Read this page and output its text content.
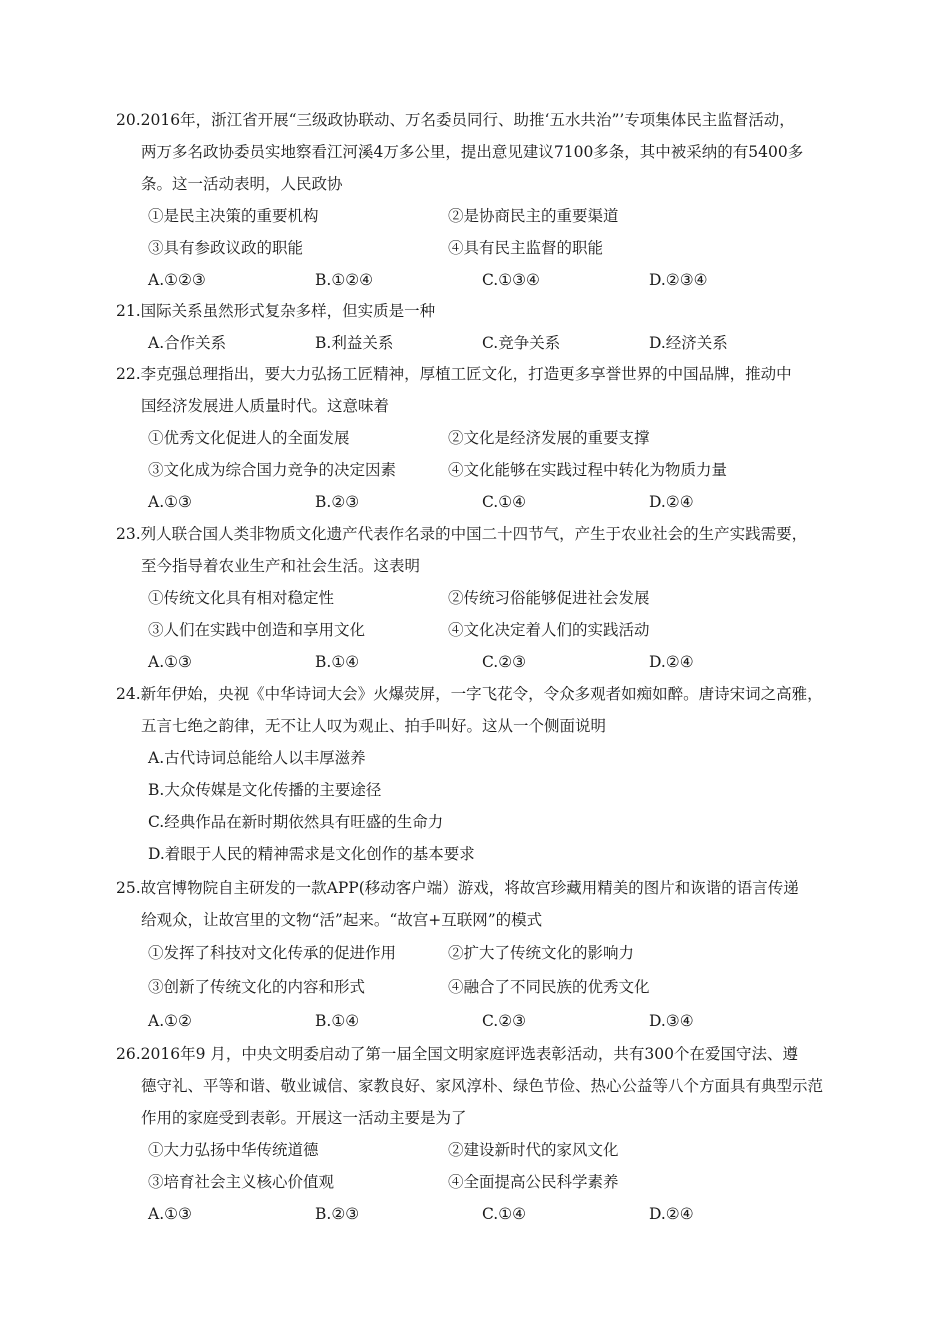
20.2016年，浙江省开展“三级政协联动、万名委员同行、助推‘五水共治”’专项集体民主监督活动，
两万多名政协委员实地察看江河溪4万多公里，提出意见建议7100多条，其中被采纳的有5400多
条。这一活动表明，人民政协
①是民主决策的重要机构	②是协商民主的重要渠道
③具有参政议政的职能	④具有民主监督的职能
A.①②③	B.①②④	C.①③④	D.②③④
21.国际关系虽然形式复杂多样，但实质是一种
A.合作关系	B.利益关系	C.竞争关系	D.经济关系
22.李克强总理指出，要大力弘扬工匠精神，厚植工匠文化，打造更多享誉世界的中国品牌，推动中
国经济发展进人质量时代。这意味着
①优秀文化促进人的全面发展	②文化是经济发展的重要支撑
③文化成为综合国力竞争的决定因素	④文化能够在实践过程中转化为物质力量
A.①③	B.②③	C.①④	D.②④
23.列人联合国人类非物质文化遗产代表作名录的中国二十四节气，产生于农业社会的生产实践需要，
至今指导着农业生产和社会生活。这表明
①传统文化具有相对稳定性	②传统习俗能够促进社会发展
③人们在实践中创造和享用文化	④文化决定着人们的实践活动
A.①③	B.①④	C.②③	D.②④
24.新年伊始，央视《中华诗词大会》火爆荧屏，一字飞花令，令众多观者如痴如醉。唐诗宋词之高雅，
五言七绝之韵律，无不让人叹为观止、拍手叫好。这从一个侧面说明
A.古代诗词总能给人以丰厚滋养
B.大众传媒是文化传播的主要途径
C.经典作品在新时期依然具有旺盛的生命力
D.着眼于人民的精神需求是文化创作的基本要求
25.故宫博物院自主研发的一款APP(移动客户端）游戏，将故宫珍藏用精美的图片和诙谐的语言传递
给观众，让故宫里的文物“活”起来。“故宫+互联网”的模式
①发挥了科技对文化传承的促进作用	②扩大了传统文化的影响力
③创新了传统文化的内容和形式	④融合了不同民族的优秀文化
A.①②	B.①④	C.②③	D.③④
26.2016年9 月，中央文明委启动了第一届全国文明家庭评选表彰活动，共有300个在爱国守法、遵
德守礼、平等和谐、敬业诚信、家教良好、家风淳朴、绿色节俭、热心公益等八个方面具有典型示范
作用的家庭受到表彰。开展这一活动主要是为了
①大力弘扬中华传统道德	②建设新时代的家风文化
③培育社会主义核心价值观	④全面提高公民科学素养
A.①③	B.②③	C.①④	D.②④
